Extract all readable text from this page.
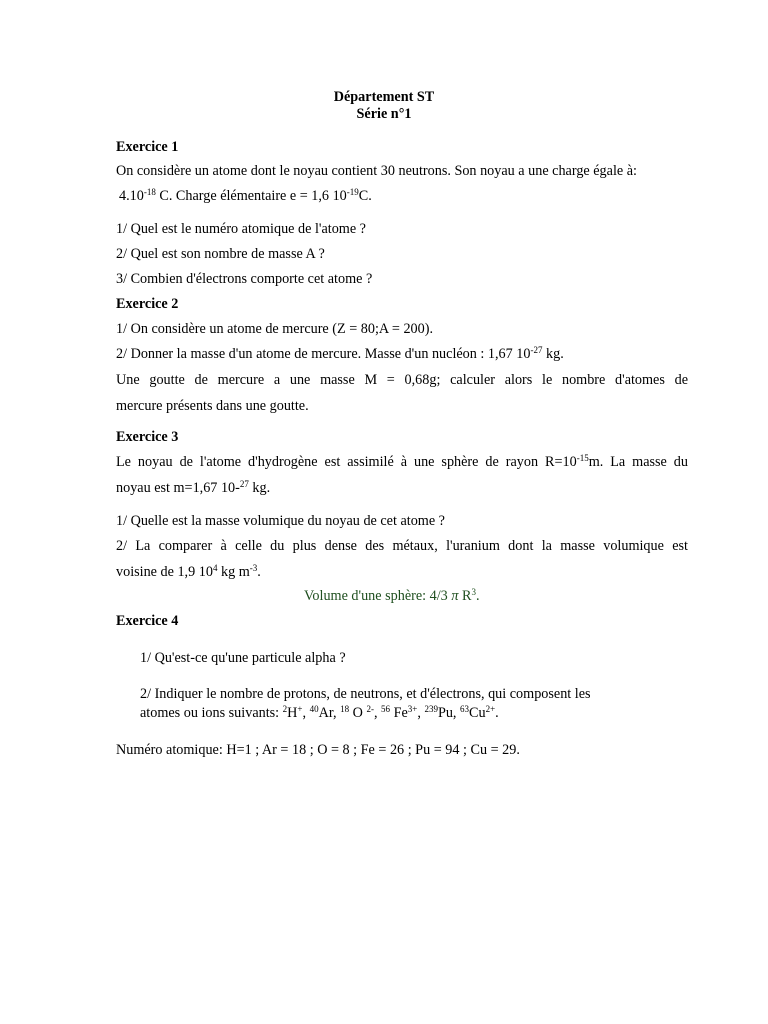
Département ST
Série n°1
Exercice 1
On considère un atome dont le noyau contient 30 neutrons. Son noyau a une charge égale à:
$4.10^{-18}$ C. Charge élémentaire e = 1,6 $10^{-19}C$.
1/ Quel est le numéro atomique de l'atome ?
2/ Quel est son nombre de masse A ?
3/ Combien d'électrons comporte cet atome ?
Exercice 2
1/ On considère un atome de mercure (Z = 80;A = 200).
2/ Donner la masse d'un atome de mercure. Masse d'un nucléon : 1,67 $10^{-27}$ kg.
Une goutte de mercure a une masse M = 0,68g; calculer alors le nombre d'atomes de
mercure présents dans une goutte.
Exercice 3
Le noyau de l'atome d'hydrogène est assimilé à une sphère de rayon $R=10^{-15}m$. La masse du
noyau est m=1,67 10-$^{27}$ kg.
1/ Quelle est la masse volumique du noyau de cet atome ?
2/ La comparer à celle du plus dense des métaux, l'uranium dont la masse volumique est
voisine de 1,9 $10^4$ kg $m^{-3}$.
Volume d'une sphère: 4/3 π $R^3$.
Exercice 4
1/ Qu'est-ce qu'une particule alpha ?
2/ Indiquer le nombre de protons, de neutrons, et d'électrons, qui composent les
atomes ou ions suivants: $^2$H+, $^{40}$Ar, $^{18}$ O $^{2-}$, $^{56}$ $Fe^{3+}$, $^{239}$Pu, $^{63}Cu^{2+}$.
Numéro atomique: H=1 ; Ar = 18 ; O = 8 ; Fe = 26 ; Pu = 94 ; Cu = 29.
